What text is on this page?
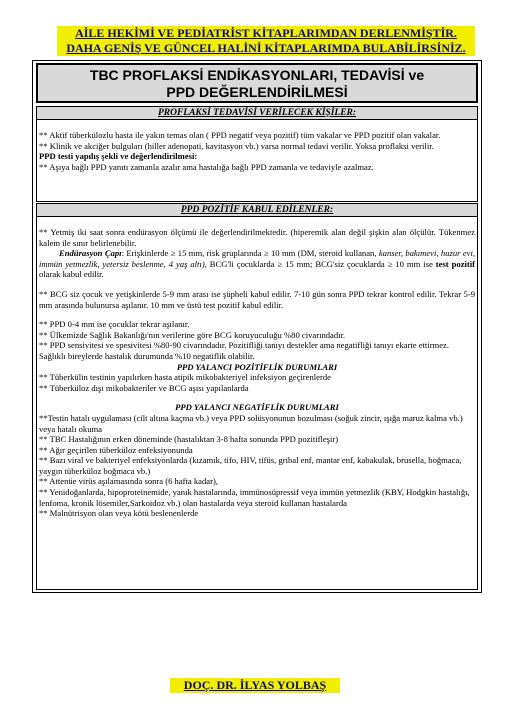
AİLE HEKİMİ VE PEDİATRİST KİTAPLARIMDAN DERLENMİŞTİR.
DAHA GENİŞ VE GÜNCEL HALİNİ KİTAPLARIMDA BULABİLİRSİNİZ.
TBC PROFLAKSİ ENDİKASYONLARI, TEDAVİSİ ve
PPD DEĞERLENDİRİLMESİ
PROFLAKSİ TEDAVİSİ VERİLECEK KİŞİLER:

** Aktif tüberkülozlu hasta ile yakın temas olan ( PPD negatif veya pozitif) tüm vakalar ve PPD pozitif olan vakalar.

** Klinik ve akciğer bulguları (hiller adenopati, kavitasyon vb.) varsa normal tedavi verilir. Yoksa proflaksi verilir.

PPD testi yapılış şekli ve değerlendirilmesi:

** Aşıya bağlı PPD yanıtı zamanla azalır ama hastalığa bağlı PPD zamanla ve tedaviyle azalmaz.

PPD POZİTİF KABUL EDİLENLER:

** Yetmiş iki saat sonra endürasyon ölçümü ile değerlendirilmektedir. (hiperemik alan değil şişkin alan ölçülür. Tükenmez kalem ile sınır belirlenebilir.

Endürasyon Çapı: Erişkinlerde ≥ 15 mm, risk gruplarında ≥ 10 mm (DM, steroid kullanan, kanser, bakımevi, huzur evi, immün yetmezlik, yetersiz beslenme, 4 yaş altı), BCG'li çocuklarda ≥ 15 mm; BCG'siz çocuklarda ≥ 10 mm ise test pozitif olarak kabul edilir.

** BCG siz çocuk ve yetişkinlerde 5-9 mm arası ise şüpheli kabul edilir. 7-10 gün sonra PPD tekrar kontrol edilir. Tekrar 5-9 mm arasında bulunursa aşılanır. 10 mm ve üstü test pozitif kabul edilir.

** PPD 0-4 mm ise çocuklar tekrar aşılanır.

** Ülkemizde Sağlık Bakanlığı'nın verilerine göre BCG koruyuculuğu %80 civarındadır.

** PPD sensivitesi ve spesivitesi %80-90 civarındadır. Pozitifliği tanıyı destekler ama negatifliği tanıyı ekarte ettirmez. Sağlıklı bireylerde hastalık durumunda %10 negatiflik olabilir.

PPD YALANCI POZİTİFLİK DURUMLARI

** Tüberkülin testinin yapılırken hasta atipik mikobakteriyel infeksiyon geçirenlerde

** Tüberküloz dışı mikobakteriler ve BCG aşısı yapılanlarda

PPD YALANCI NEGATİFLİK DURUMLARI

**Testin hatalı uygulaması (cilt altına kaçma vb.) veya PPD solüsyonunun bozulması (soğuk zincir, ışığa maruz kalma vb.) veya hatalı okuma

** TBC Hastalığının erken döneminde (hastalıktan 3-8 hafta sonunda PPD pozitifleşir)

** Ağır geçirilen tüberküloz enfeksiyonunda

** Bazı viral ve bakteriyel enfeksiyonlarda (kızamık, tifo, HIV, tifüs, gribal enf, mantar enf, kabakulak, brusella, boğmaca, yaygın tüberküloz boğmaca vb.)

** Attenüe virüs aşılamasında sonra (6 hafta kadar),

** Yenidoğanlarda, hipoproteinemide, yanık hastalarında, immünosüpressif veya immün yetmezlik (KBY, Hodgkin hastalığı, lenfoma, kronik lösemiler,Sarkoidoz vb.) olan hastalarda veya steroid kullanan hastalarda

** Malnütrisyon olan veya kötü beslenenlerde

DOÇ. DR. İLYAS YOLBAŞ
